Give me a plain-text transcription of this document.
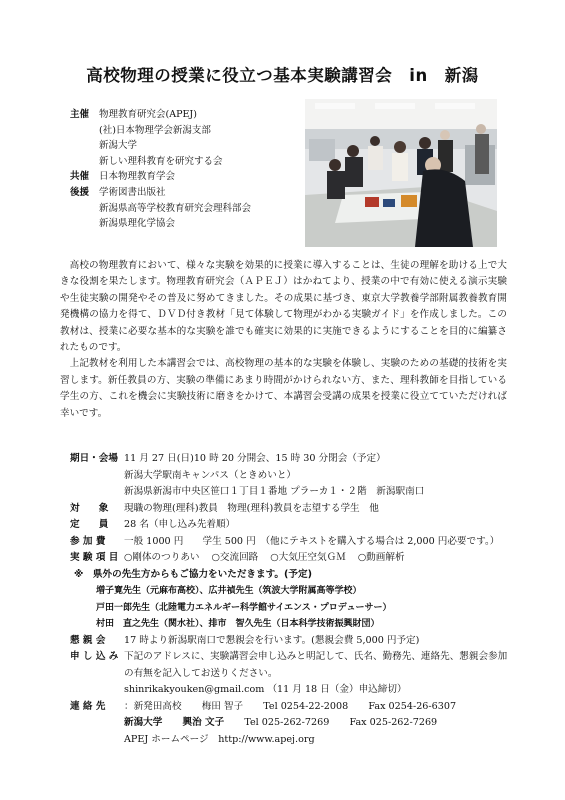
高校物理の授業に役立つ基本実験講習会　in　新潟
主催	物理教育研究会(APEJ)
(社)日本物理学会新潟支部
新潟大学
新しい理科教育を研究する会
共催	日本物理教育学会
後援	学術図書出版社
新潟県高等学校教育研究会理科部会
新潟県理化学協会

高校の物理教育において、様々な実験を効果的に授業に導入することは、生徒の理解を助ける上で大きな役割を果たします。物理教育研究会（ＡＰＥＪ）はかねてより、授業の中で有効に使える演示実験や生徒実験の開発やその普及に努めてきました。その成果に基づき、東京大学教養学部附属教養教育開発機構の協力を得て、ＤＶＤ付き教材「見て体験して物理がわかる実験ガイド」を作成しました。この教材は、授業に必要な基本的な実験を誰でも確実に効果的に実施できるようにすることを目的に編纂されたものです。

上記教材を利用した本講習会では、高校物理の基本的な実験を体験し、実験のための基礎的技術を実習します。新任教員の方、実験の準備にあまり時間がかけられない方、また、理科教師を目指している学生の方、これを機会に実験技術に磨きをかけて、本講習会受講の成果を授業に役立てていただければ幸いです。

期日・会場 11 月 27 日(日)10 時 20 分開会、15 時 30 分閉会（予定）
新潟大学駅南キャンパス（ときめいと）
新潟県新潟市中央区笹口１丁目１番地 プラーカ１・２階　新潟駅南口
対　　象	現職の物理(理科)教員　物理(理科)教員を志望する学生　他
定　　員	28 名（申し込み先着順）
参 加 費	一般 1000 円　　学生 500 円　（他にテキストを購入する場合は 2,000 円必要です。）
実 験 項 目 ○剛体のつりあい ○交流回路 ○大気圧空気ＧＭ ○動画解析
※　県外の先生方からもご協力をいただきます。(予定)
増子寛先生（元麻布高校）、広井禎先生（筑波大学附属高等学校）
戸田一郎先生（北陸電力エネルギー科学館サイエンス・プロデューサー）
村田　直之先生（関水社）、排市　智久先生（日本科学技術振興財団）
懇 親 会	17 時より新潟駅南口で懇親会を行います。(懇親会費 5,000 円予定)
申 し 込 み 下記のアドレスに、実験講習会申し込みと明記して、氏名、勤務先、連絡先、懇親会参加の有無を記入してお送りください。
shinrikakyouken@gmail.com （11 月 18 日（金）申込締切）
連 絡 先	：新発田高校 梅田 智子 Tel 0254-22-2008 Fax 0254-26-6307
新潟大学 興治 文子 Tel 025-262-7269 Fax 025-262-7269
APEJ ホームページ　http://www.apej.org
